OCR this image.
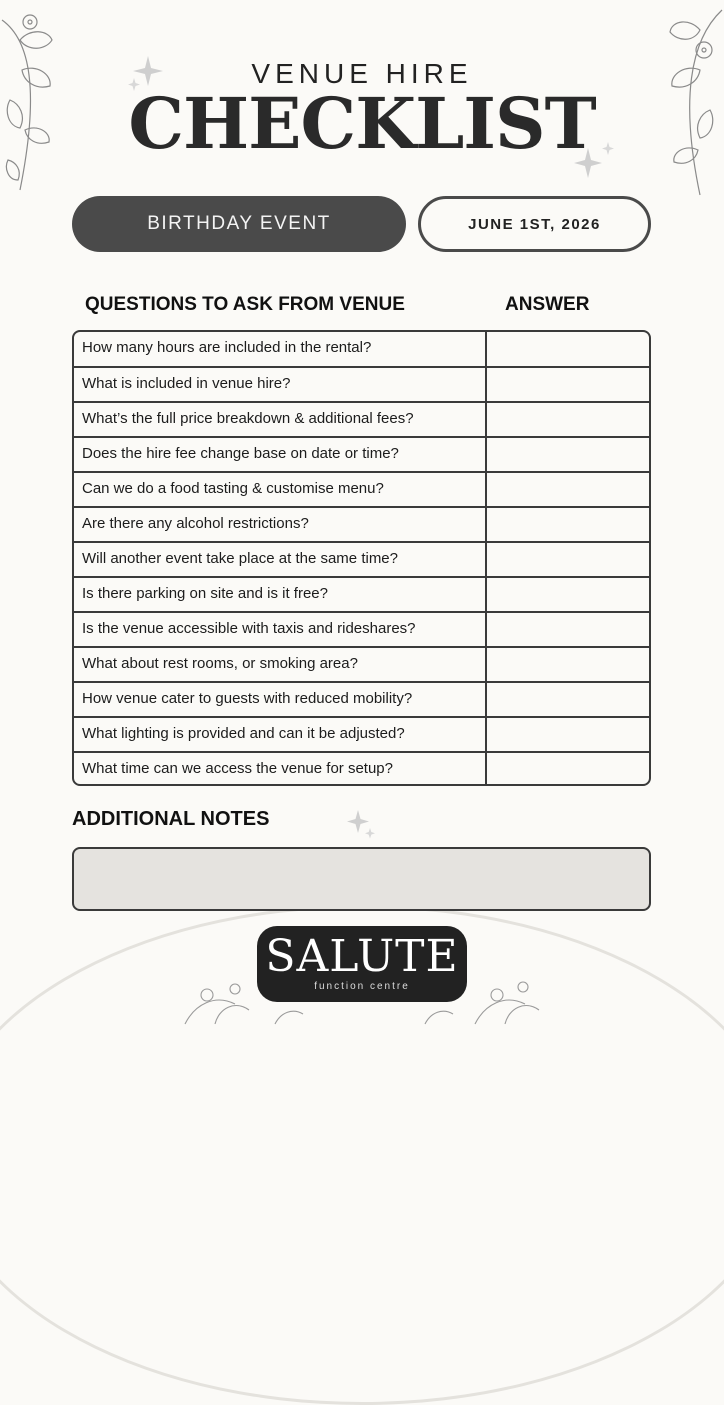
VENUE HIRE
CHECKLIST
BIRTHDAY EVENT	JUNE 1ST, 2026
QUESTIONS TO ASK FROM VENUE	ANSWER
How many hours are included in the rental?
What is included in venue hire?
What’s the full price breakdown & additional fees?
Does the hire fee change base on date or time?
Can we do a food tasting & customise menu?
Are there any alcohol restrictions?
Will another event take place at the same time?
Is there parking on site and is it free?
Is the venue accessible with taxis and rideshares?
What about rest rooms, or smoking area?
How venue cater to guests with reduced mobility?
What lighting is provided and can it be adjusted?
What time can we access the venue for setup?
ADDITIONAL NOTES
SALUTE
function centre
